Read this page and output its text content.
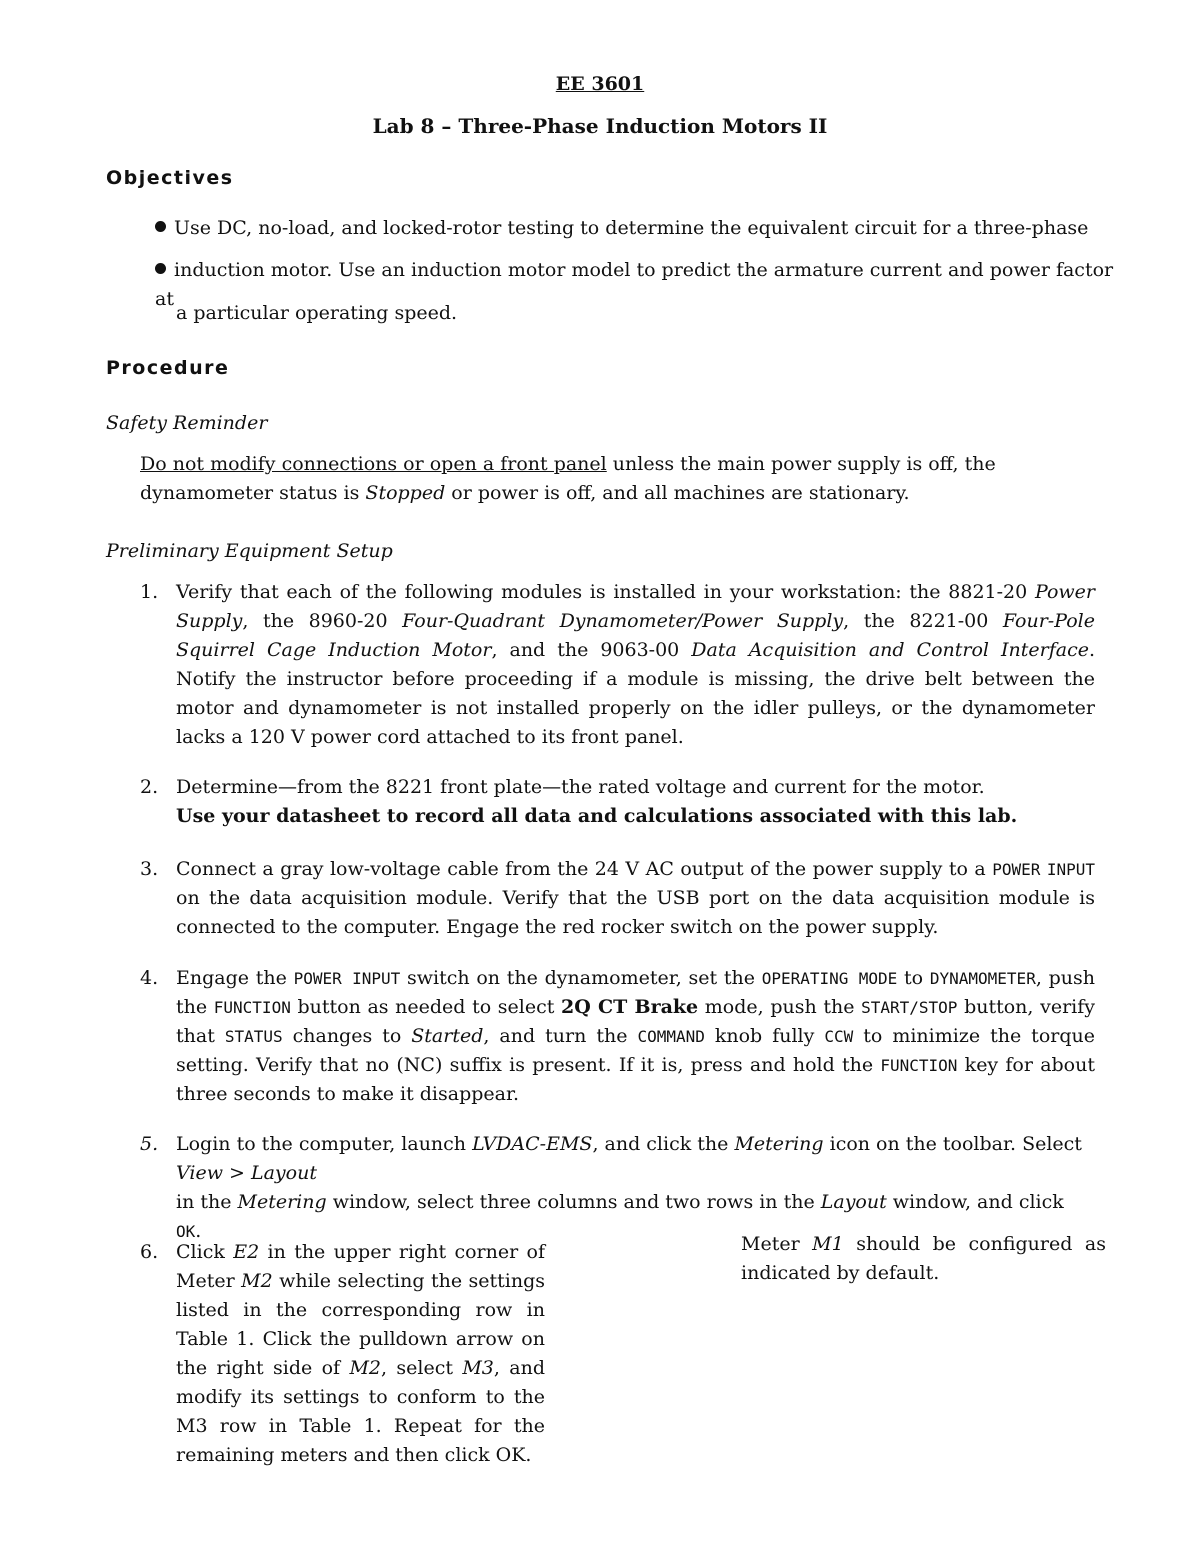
EE 3601
Lab 8 – Three-Phase Induction Motors II
Objectives
Use DC, no-load, and locked-rotor testing to determine the equivalent circuit for a three-phase
induction motor. Use an induction motor model to predict the armature current and power factor at
a particular operating speed.
Procedure
Safety Reminder
Do not modify connections or open a front panel unless the main power supply is off, the
dynamometer status is Stopped or power is off, and all machines are stationary.
Preliminary Equipment Setup
1. Verify that each of the following modules is installed in your workstation: the 8821-20 Power Supply, the 8960-20 Four-Quadrant Dynamometer/Power Supply, the 8221-00 Four-Pole Squirrel Cage Induction Motor, and the 9063-00 Data Acquisition and Control Interface. Notify the instructor before proceeding if a module is missing, the drive belt between the motor and dynamometer is not installed properly on the idler pulleys, or the dynamometer lacks a 120 V power cord attached to its front panel.
2. Determine—from the 8221 front plate—the rated voltage and current for the motor.
Use your datasheet to record all data and calculations associated with this lab.
3. Connect a gray low-voltage cable from the 24 V AC output of the power supply to a POWER INPUT on the data acquisition module. Verify that the USB port on the data acquisition module is connected to the computer. Engage the red rocker switch on the power supply.
4. Engage the POWER INPUT switch on the dynamometer, set the OPERATING MODE to DYNAMOMETER, push the FUNCTION button as needed to select 2Q CT Brake mode, push the START/STOP button, verify that STATUS changes to Started, and turn the COMMAND knob fully CCW to minimize the torque setting. Verify that no (NC) suffix is present. If it is, press and hold the FUNCTION key for about three seconds to make it disappear.
5. Login to the computer, launch LVDAC-EMS, and click the Metering icon on the toolbar. Select
View > Layout
in the Metering window, select three columns and two rows in the Layout window, and click OK.
6. Click E2 in the upper right corner of Meter M2 while selecting the settings listed in the corresponding row in Table 1. Click the pulldown arrow on the right side of M2, select M3, and modify its settings to conform to the M3 row in Table 1. Repeat for the remaining meters and then click OK.
Meter M1 should be configured as indicated by default.
